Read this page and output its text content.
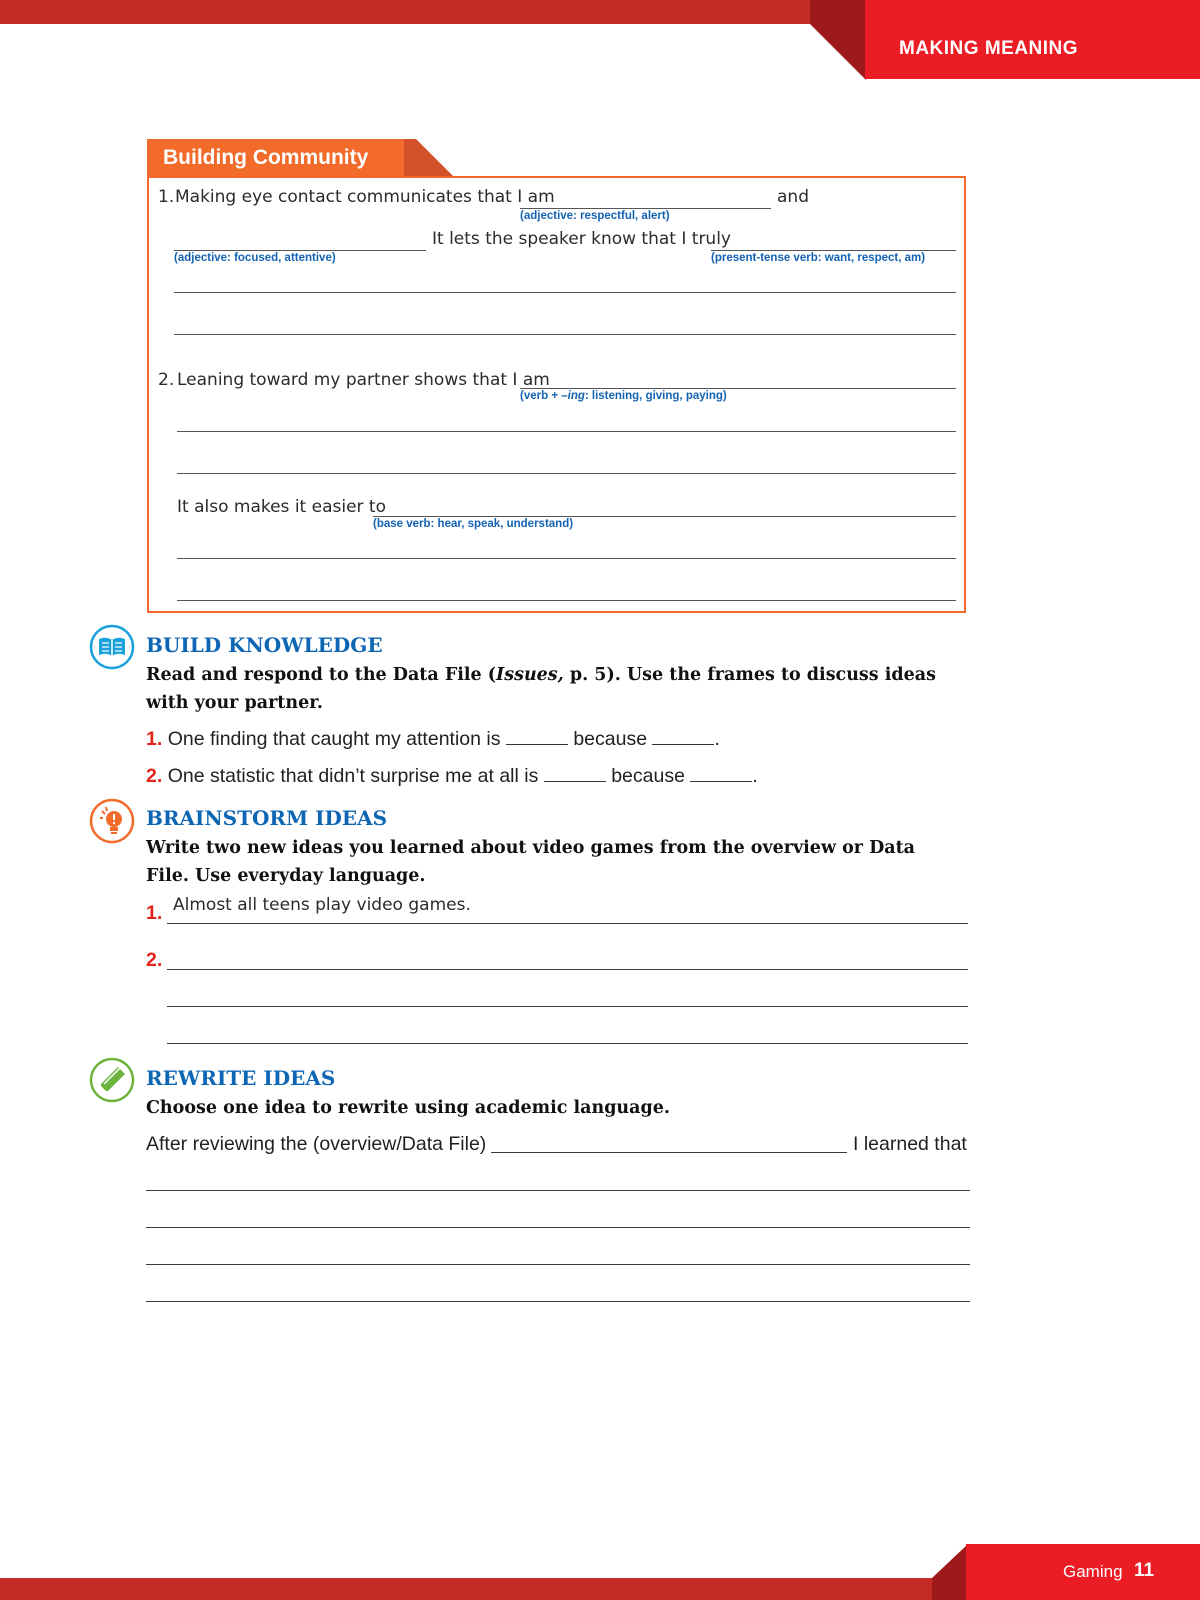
MAKING MEANING
Building Community
1. Making eye contact communicates that I am
(adjective: respectful, alert)
and
(adjective: focused, attentive)
It lets the speaker know that I truly
(present-tense verb: want, respect, am)
2. Leaning toward my partner shows that I am
(verb + –ing: listening, giving, paying)
It also makes it easier to
(base verb: hear, speak, understand)
BUILD KNOWLEDGE
Read and respond to the Data File (Issues, p. 5). Use the frames to discuss ideas with your partner.
1. One finding that caught my attention is	because	.
2. One statistic that didn’t surprise me at all is	because	.
BRAINSTORM IDEAS
Write two new ideas you learned about video games from the overview or Data File. Use everyday language.
1. Almost all teens play video games.
2.
REWRITE IDEAS
Choose one idea to rewrite using academic language.
After reviewing the (overview/Data File)	I learned that
Gaming 11
